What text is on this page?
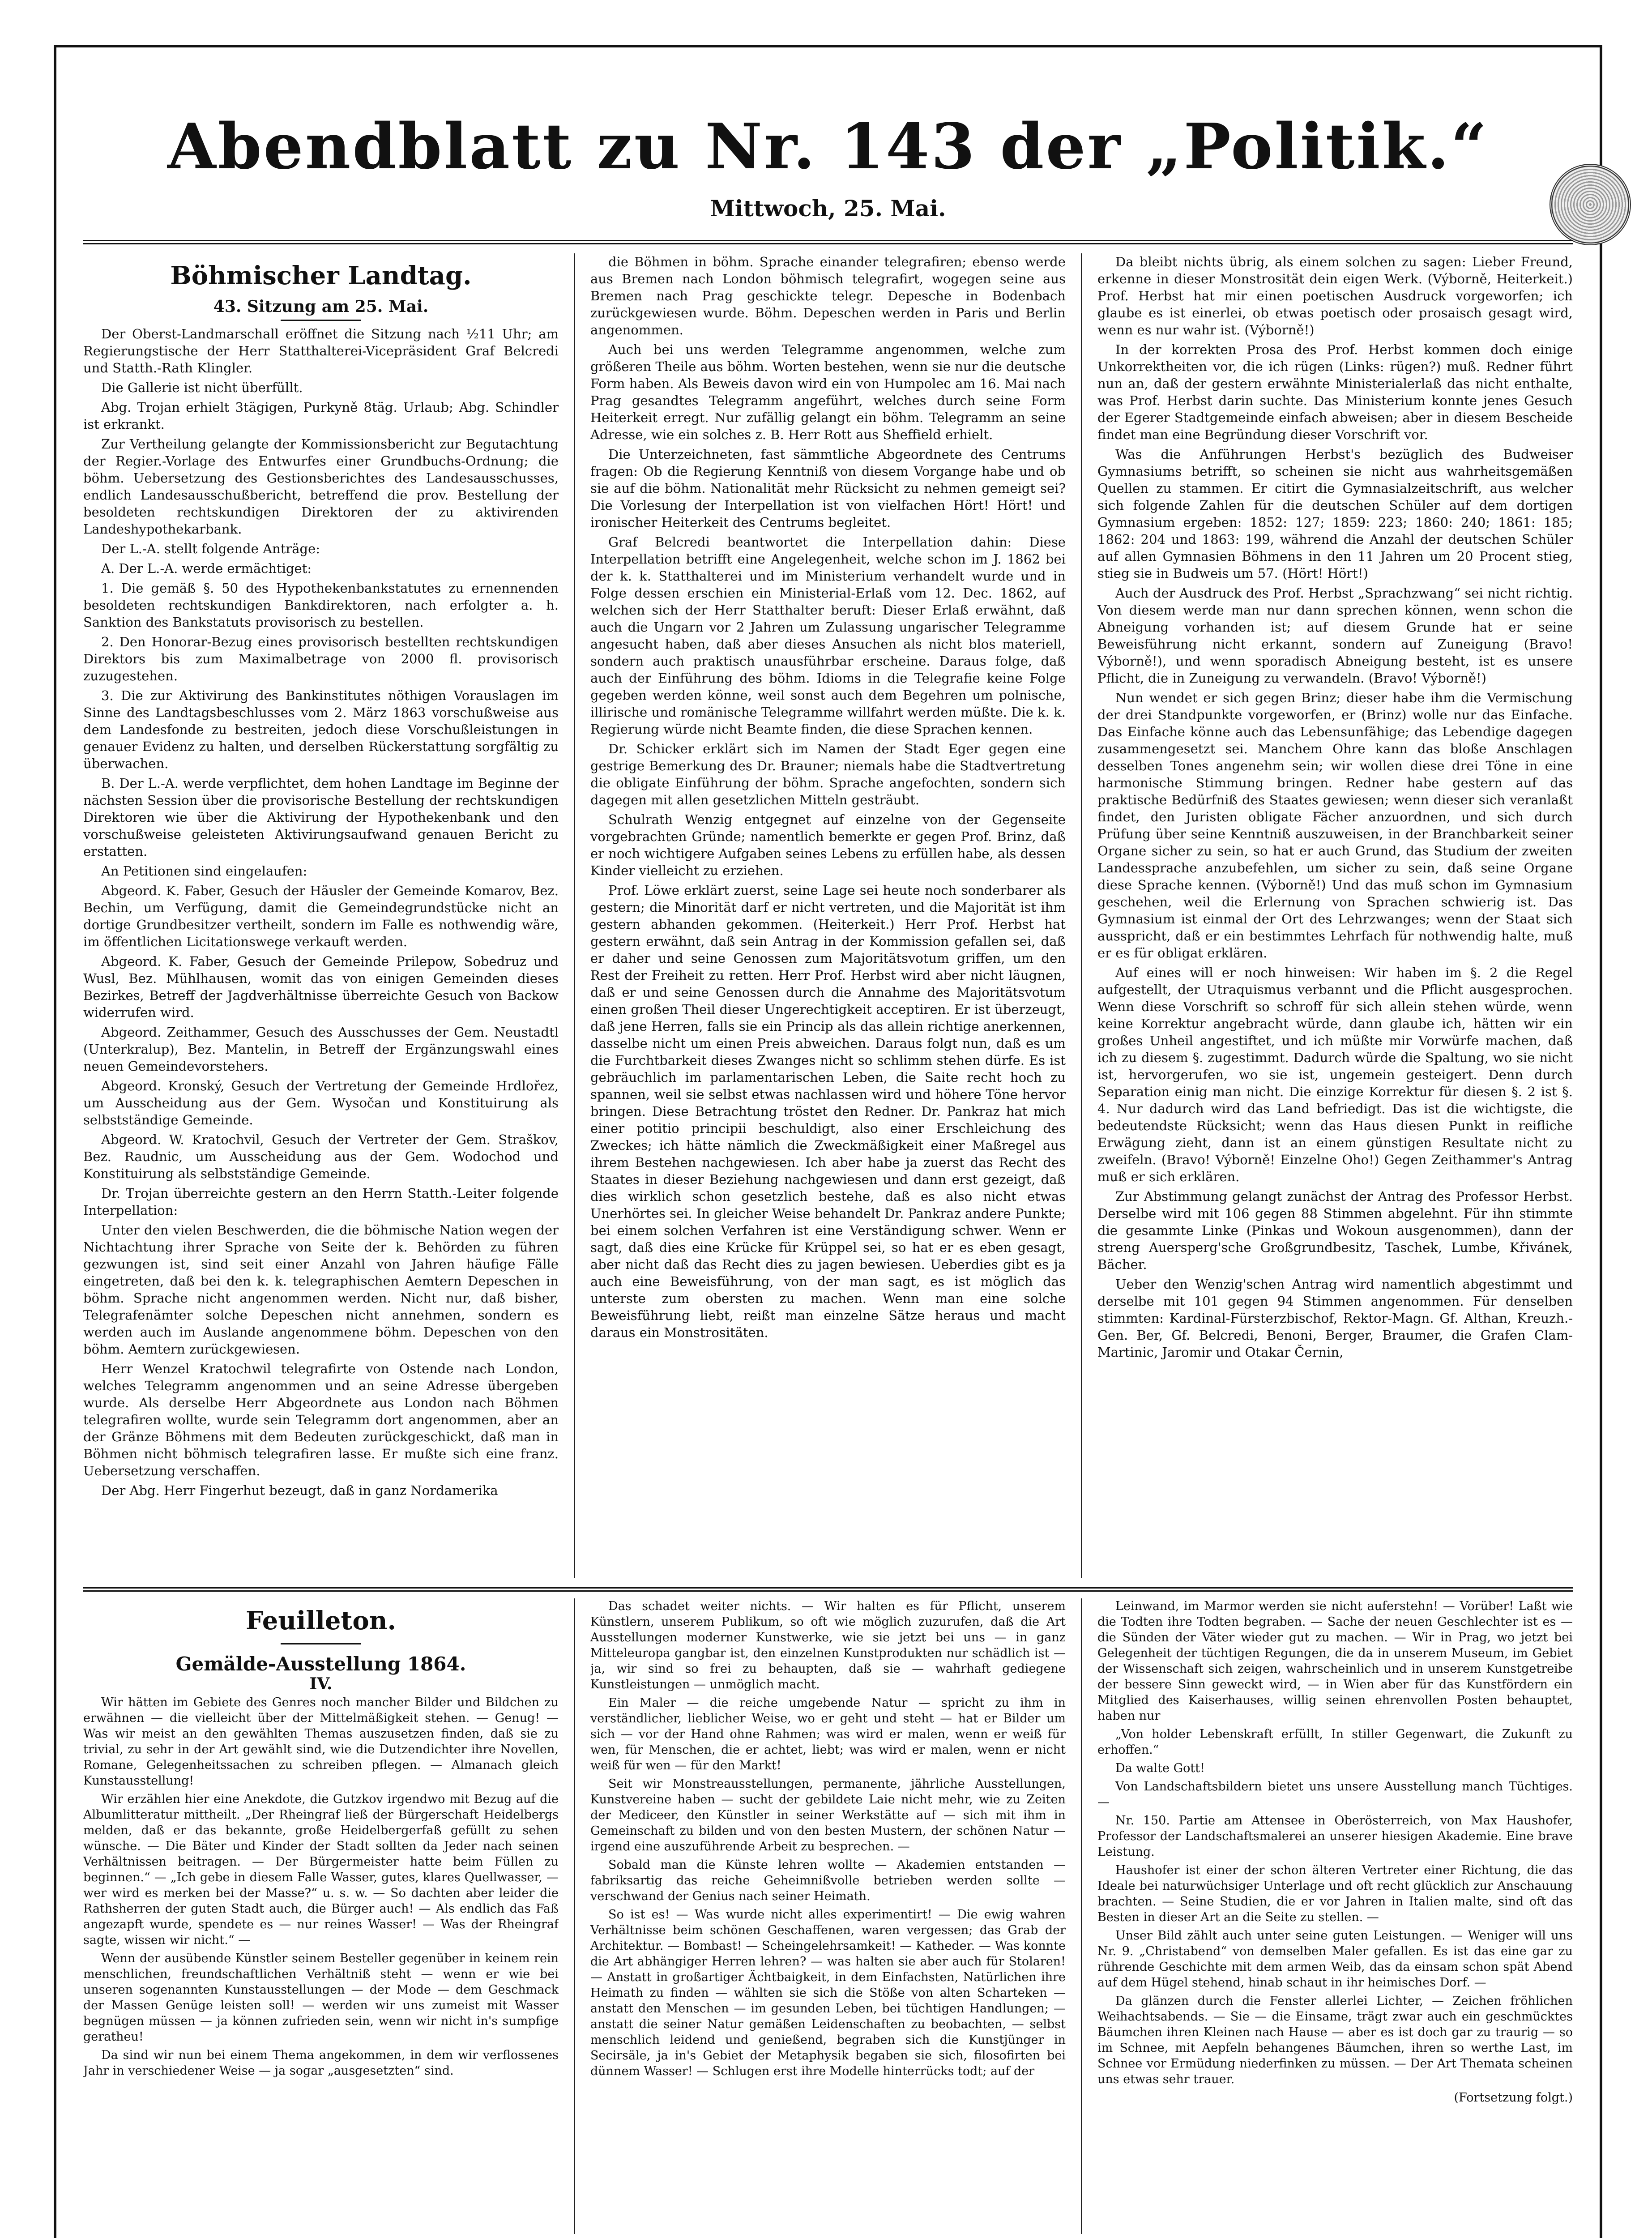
Abendblatt zu Nr. 143 der „Politik.“
Mittwoch, 25. Mai.
Böhmischer Landtag.
43. Sitzung am 25. Mai.

Der Oberst-Landmarschall eröffnet die Sitzung nach ½11 Uhr; am Regierungstische der Herr Statthalterei-Vicepräsident Graf Belcredi und Statth.-Rath Klingler.

Die Gallerie ist nicht überfüllt.

Abg. Trojan erhielt 3tägigen, Purkyně 8täg. Urlaub; Abg. Schindler ist erkrankt.

Zur Vertheilung gelangte der Kommissionsbericht zur Begutachtung der Regier.-Vorlage des Entwurfes einer Grundbuchs-Ordnung; die böhm. Uebersetzung des Gestionsberichtes des Landesausschusses, endlich Landesausschußbericht, betreffend die prov. Bestellung der besoldeten rechtskundigen Direktoren der zu aktivirenden Landeshypothekarbank.

Der L.-A. stellt folgende Anträge:

A. Der L.-A. werde ermächtiget:

1. Die gemäß §. 50 des Hypothekenbankstatutes zu ernennenden besoldeten rechtskundigen Bankdirektoren, nach erfolgter a. h. Sanktion des Bankstatuts provisorisch zu bestellen.

2. Den Honorar-Bezug eines provisorisch bestellten rechtskundigen Direktors bis zum Maximalbetrage von 2000 fl. provisorisch zuzugestehen.

3. Die zur Aktivirung des Bankinstitutes nöthigen Vorauslagen im Sinne des Landtagsbeschlusses vom 2. März 1863 vorschußweise aus dem Landesfonde zu bestreiten, jedoch diese Vorschußleistungen in genauer Evidenz zu halten, und derselben Rückerstattung sorgfältig zu überwachen.

B. Der L.-A. werde verpflichtet, dem hohen Landtage im Beginne der nächsten Session über die provisorische Bestellung der rechtskundigen Direktoren wie über die Aktivirung der Hypothekenbank und den vorschußweise geleisteten Aktivirungsaufwand genauen Bericht zu erstatten.

An Petitionen sind eingelaufen:

Abgeord. K. Faber, Gesuch der Häusler der Gemeinde Komarov, Bez. Bechin, um Verfügung, damit die Gemeindegrundstücke nicht an dortige Grundbesitzer vertheilt, sondern im Falle es nothwendig wäre, im öffentlichen Licitationswege verkauft werden.

Abgeord. K. Faber, Gesuch der Gemeinde Prilepow, Sobedruz und Wusl, Bez. Mühlhausen, womit das von einigen Gemeinden dieses Bezirkes, Betreff der Jagdverhältnisse überreichte Gesuch von Backow widerrufen wird.

Abgeord. Zeithammer, Gesuch des Ausschusses der Gem. Neustadtl (Unterkralup), Bez. Mantelin, in Betreff der Ergänzungswahl eines neuen Gemeindevorstehers.

Abgeord. Kronský, Gesuch der Vertretung der Gemeinde Hrdlořez, um Ausscheidung aus der Gem. Wysočan und Konstituirung als selbstständige Gemeinde.

Abgeord. W. Kratochvil, Gesuch der Vertreter der Gem. Straškov, Bez. Raudnic, um Ausscheidung aus der Gem. Wodochod und Konstituirung als selbstständige Gemeinde.

Dr. Trojan überreichte gestern an den Herrn Statth.-Leiter folgende Interpellation:

Unter den vielen Beschwerden, die die böhmische Nation wegen der Nichtachtung ihrer Sprache von Seite der k. Behörden zu führen gezwungen ist, sind seit einer Anzahl von Jahren häufige Fälle eingetreten, daß bei den k. k. telegraphischen Aemtern Depeschen in böhm. Sprache nicht angenommen werden. Nicht nur, daß bisher, Telegrafenämter solche Depeschen nicht annehmen, sondern es werden auch im Auslande angenommene böhm. Depeschen von den böhm. Aemtern zurückgewiesen.

Herr Wenzel Kratochwil telegrafirte von Ostende nach London, welches Telegramm angenommen und an seine Adresse übergeben wurde. Als derselbe Herr Abgeordnete aus London nach Böhmen telegrafiren wollte, wurde sein Telegramm dort angenommen, aber an der Gränze Böhmens mit dem Bedeuten zurückgeschickt, daß man in Böhmen nicht böhmisch telegrafiren lasse. Er mußte sich eine franz. Uebersetzung verschaffen.

Der Abg. Herr Fingerhut bezeugt, daß in ganz Nordamerika

die Böhmen in böhm. Sprache einander telegrafiren; ebenso werde aus Bremen nach London böhmisch telegrafirt, wogegen seine aus Bremen nach Prag geschickte telegr. Depesche in Bodenbach zurückgewiesen wurde. Böhm. Depeschen werden in Paris und Berlin angenommen.

Auch bei uns werden Telegramme angenommen, welche zum größeren Theile aus böhm. Worten bestehen, wenn sie nur die deutsche Form haben. Als Beweis davon wird ein von Humpolec am 16. Mai nach Prag gesandtes Telegramm angeführt, welches durch seine Form Heiterkeit erregt. Nur zufällig gelangt ein böhm. Telegramm an seine Adresse, wie ein solches z. B. Herr Rott aus Sheffield erhielt.

Die Unterzeichneten, fast sämmtliche Abgeordnete des Centrums fragen: Ob die Regierung Kenntniß von diesem Vorgange habe und ob sie auf die böhm. Nationalität mehr Rücksicht zu nehmen gemeigt sei? Die Vorlesung der Interpellation ist von vielfachen Hört! Hört! und ironischer Heiterkeit des Centrums begleitet.

Graf Belcredi beantwortet die Interpellation dahin: Diese Interpellation betrifft eine Angelegenheit, welche schon im J. 1862 bei der k. k. Statthalterei und im Ministerium verhandelt wurde und in Folge dessen erschien ein Ministerial-Erlaß vom 12. Dec. 1862, auf welchen sich der Herr Statthalter beruft: Dieser Erlaß erwähnt, daß auch die Ungarn vor 2 Jahren um Zulassung ungarischer Telegramme angesucht haben, daß aber dieses Ansuchen als nicht blos materiell, sondern auch praktisch unausführbar erscheine. Daraus folge, daß auch der Einführung des böhm. Idioms in die Telegrafie keine Folge gegeben werden könne, weil sonst auch dem Begehren um polnische, illirische und romänische Telegramme willfahrt werden müßte. Die k. k. Regierung würde nicht Beamte finden, die diese Sprachen kennen.

Dr. Schicker erklärt sich im Namen der Stadt Eger gegen eine gestrige Bemerkung des Dr. Brauner; niemals habe die Stadtvertretung die obligate Einführung der böhm. Sprache angefochten, sondern sich dagegen mit allen gesetzlichen Mitteln gesträubt.

Schulrath Wenzig entgegnet auf einzelne von der Gegenseite vorgebrachten Gründe; namentlich bemerkte er gegen Prof. Brinz, daß er noch wichtigere Aufgaben seines Lebens zu erfüllen habe, als dessen Kinder vielleicht zu erziehen.

Prof. Löwe erklärt zuerst, seine Lage sei heute noch sonderbarer als gestern; die Minorität darf er nicht vertreten, und die Majorität ist ihm gestern abhanden gekommen. (Heiterkeit.) Herr Prof. Herbst hat gestern erwähnt, daß sein Antrag in der Kommission gefallen sei, daß er daher und seine Genossen zum Majoritätsvotum griffen, um den Rest der Freiheit zu retten. Herr Prof. Herbst wird aber nicht läugnen, daß er und seine Genossen durch die Annahme des Majoritätsvotum einen großen Theil dieser Ungerechtigkeit acceptiren. Er ist überzeugt, daß jene Herren, falls sie ein Princip als das allein richtige anerkennen, dasselbe nicht um einen Preis abweichen. Daraus folgt nun, daß es um die Furchtbarkeit dieses Zwanges nicht so schlimm stehen dürfe. Es ist gebräuchlich im parlamentarischen Leben, die Saite recht hoch zu spannen, weil sie selbst etwas nachlassen wird und höhere Töne hervor bringen. Diese Betrachtung tröstet den Redner. Dr. Pankraz hat mich einer potitio principii beschuldigt, also einer Erschleichung des Zweckes; ich hätte nämlich die Zweckmäßigkeit einer Maßregel aus ihrem Bestehen nachgewiesen. Ich aber habe ja zuerst das Recht des Staates in dieser Beziehung nachgewiesen und dann erst gezeigt, daß dies wirklich schon gesetzlich bestehe, daß es also nicht etwas Unerhörtes sei. In gleicher Weise behandelt Dr. Pankraz andere Punkte; bei einem solchen Verfahren ist eine Verständigung schwer. Wenn er sagt, daß dies eine Krücke für Krüppel sei, so hat er es eben gesagt, aber nicht daß das Recht dies zu jagen bewiesen. Ueberdies gibt es ja auch eine Beweisführung, von der man sagt, es ist möglich das unterste zum obersten zu machen. Wenn man eine solche Beweisführung liebt, reißt man einzelne Sätze heraus und macht daraus ein Monstrositäten.

Da bleibt nichts übrig, als einem solchen zu sagen: Lieber Freund, erkenne in dieser Monstrosität dein eigen Werk. (Výborně, Heiterkeit.) Prof. Herbst hat mir einen poetischen Ausdruck vorgeworfen; ich glaube es ist einerlei, ob etwas poetisch oder prosaisch gesagt wird, wenn es nur wahr ist. (Výborně!)

In der korrekten Prosa des Prof. Herbst kommen doch einige Unkorrektheiten vor, die ich rügen (Links: rügen?) muß. Redner führt nun an, daß der gestern erwähnte Ministerialerlaß das nicht enthalte, was Prof. Herbst darin suchte. Das Ministerium konnte jenes Gesuch der Egerer Stadtgemeinde einfach abweisen; aber in diesem Bescheide findet man eine Begründung dieser Vorschrift vor.

Was die Anführungen Herbst's bezüglich des Budweiser Gymnasiums betrifft, so scheinen sie nicht aus wahrheitsgemäßen Quellen zu stammen. Er citirt die Gymnasialzeitschrift, aus welcher sich folgende Zahlen für die deutschen Schüler auf dem dortigen Gymnasium ergeben: 1852: 127; 1859: 223; 1860: 240; 1861: 185; 1862: 204 und 1863: 199, während die Anzahl der deutschen Schüler auf allen Gymnasien Böhmens in den 11 Jahren um 20 Procent stieg, stieg sie in Budweis um 57. (Hört! Hört!)

Auch der Ausdruck des Prof. Herbst „Sprachzwang“ sei nicht richtig. Von diesem werde man nur dann sprechen können, wenn schon die Abneigung vorhanden ist; auf diesem Grunde hat er seine Beweisführung nicht erkannt, sondern auf Zuneigung (Bravo! Výborně!), und wenn sporadisch Abneigung besteht, ist es unsere Pflicht, die in Zuneigung zu verwandeln. (Bravo! Výborně!)

Nun wendet er sich gegen Brinz; dieser habe ihm die Vermischung der drei Standpunkte vorgeworfen, er (Brinz) wolle nur das Einfache. Das Einfache könne auch das Lebensunfähige; das Lebendige dagegen zusammengesetzt sei. Manchem Ohre kann das bloße Anschlagen desselben Tones angenehm sein; wir wollen diese drei Töne in eine harmonische Stimmung bringen. Redner habe gestern auf das praktische Bedürfniß des Staates gewiesen; wenn dieser sich veranlaßt findet, den Juristen obligate Fächer anzuordnen, und sich durch Prüfung über seine Kenntniß auszuweisen, in der Branchbarkeit seiner Organe sicher zu sein, so hat er auch Grund, das Studium der zweiten Landessprache anzubefehlen, um sicher zu sein, daß seine Organe diese Sprache kennen. (Výborně!) Und das muß schon im Gymnasium geschehen, weil die Erlernung von Sprachen schwierig ist. Das Gymnasium ist einmal der Ort des Lehrzwanges; wenn der Staat sich ausspricht, daß er ein bestimmtes Lehrfach für nothwendig halte, muß er es für obligat erklären.

Auf eines will er noch hinweisen: Wir haben im §. 2 die Regel aufgestellt, der Utraquismus verbannt und die Pflicht ausgesprochen. Wenn diese Vorschrift so schroff für sich allein stehen würde, wenn keine Korrektur angebracht würde, dann glaube ich, hätten wir ein großes Unheil angestiftet, und ich müßte mir Vorwürfe machen, daß ich zu diesem §. zugestimmt. Dadurch würde die Spaltung, wo sie nicht ist, hervorgerufen, wo sie ist, ungemein gesteigert. Denn durch Separation einig man nicht. Die einzige Korrektur für diesen §. 2 ist §. 4. Nur dadurch wird das Land befriedigt. Das ist die wichtigste, die bedeutendste Rücksicht; wenn das Haus diesen Punkt in reifliche Erwägung zieht, dann ist an einem günstigen Resultate nicht zu zweifeln. (Bravo! Výborně! Einzelne Oho!) Gegen Zeithammer's Antrag muß er sich erklären.

Zur Abstimmung gelangt zunächst der Antrag des Professor Herbst. Derselbe wird mit 106 gegen 88 Stimmen abgelehnt. Für ihn stimmte die gesammte Linke (Pinkas und Wokoun ausgenommen), dann der streng Auersperg'sche Großgrundbesitz, Taschek, Lumbe, Křivánek, Bächer.

Ueber den Wenzig'schen Antrag wird namentlich abgestimmt und derselbe mit 101 gegen 94 Stimmen angenommen. Für denselben stimmten: Kardinal-Fürsterzbischof, Rektor-Magn. Gf. Althan, Kreuzh.-Gen. Ber, Gf. Belcredi, Benoni, Berger, Braumer, die Grafen Clam-Martinic, Jaromir und Otakar Černin,

Feuilleton.
Gemälde-Ausstellung 1864.
IV.

Wir hätten im Gebiete des Genres noch mancher Bilder und Bildchen zu erwähnen — die vielleicht über der Mittelmäßigkeit stehen. — Genug! — Was wir meist an den gewählten Themas auszusetzen finden, daß sie zu trivial, zu sehr in der Art gewählt sind, wie die Dutzendichter ihre Novellen, Romane, Gelegenheitssachen zu schreiben pflegen. — Almanach gleich Kunstausstellung!

Wir erzählen hier eine Anekdote, die Gutzkov irgendwo mit Bezug auf die Albumlitteratur mittheilt. „Der Rheingraf ließ der Bürgerschaft Heidelbergs melden, daß er das bekannte, große Heidelbergerfaß gefüllt zu sehen wünsche. — Die Bäter und Kinder der Stadt sollten da Jeder nach seinen Verhältnissen beitragen. — Der Bürgermeister hatte beim Füllen zu beginnen.“ — „Ich gebe in diesem Falle Wasser, gutes, klares Quellwasser, — wer wird es merken bei der Masse?“ u. s. w. — So dachten aber leider die Rathsherren der guten Stadt auch, die Bürger auch! — Als endlich das Faß angezapft wurde, spendete es — nur reines Wasser! — Was der Rheingraf sagte, wissen wir nicht.“ —

Wenn der ausübende Künstler seinem Besteller gegenüber in keinem rein menschlichen, freundschaftlichen Verhältniß steht — wenn er wie bei unseren sogenannten Kunstausstellungen — der Mode — dem Geschmack der Massen Genüge leisten soll! — werden wir uns zumeist mit Wasser begnügen müssen — ja können zufrieden sein, wenn wir nicht in's sumpfige geratheu!

Da sind wir nun bei einem Thema angekommen, in dem wir verflossenes Jahr in verschiedener Weise — ja sogar „ausgesetzten“ sind.

Das schadet weiter nichts. — Wir halten es für Pflicht, unserem Künstlern, unserem Publikum, so oft wie möglich zuzurufen, daß die Art Ausstellungen moderner Kunstwerke, wie sie jetzt bei uns — in ganz Mitteleuropa gangbar ist, den einzelnen Kunstprodukten nur schädlich ist — ja, wir sind so frei zu behaupten, daß sie — wahrhaft gediegene Kunstleistungen — unmöglich macht.

Ein Maler — die reiche umgebende Natur — spricht zu ihm in verständlicher, lieblicher Weise, wo er geht und steht — hat er Bilder um sich — vor der Hand ohne Rahmen; was wird er malen, wenn er weiß für wen, für Menschen, die er achtet, liebt; was wird er malen, wenn er nicht weiß für wen — für den Markt!

Seit wir Monstreausstellungen, permanente, jährliche Ausstellungen, Kunstvereine haben — sucht der gebildete Laie nicht mehr, wie zu Zeiten der Mediceer, den Künstler in seiner Werkstätte auf — sich mit ihm in Gemeinschaft zu bilden und von den besten Mustern, der schönen Natur — irgend eine auszuführende Arbeit zu besprechen. —

Sobald man die Künste lehren wollte — Akademien entstanden — fabriksartig das reiche Geheimnißvolle betrieben werden sollte — verschwand der Genius nach seiner Heimath.

So ist es! — Was wurde nicht alles experimentirt! — Die ewig wahren Verhältnisse beim schönen Geschaffenen, waren vergessen; das Grab der Architektur. — Bombast! — Scheingelehrsamkeit! — Katheder. — Was konnte die Art abhängiger Herren lehren? — was halten sie aber auch für Stolaren! — Anstatt in großartiger Ächtbaigkeit, in dem Einfachsten, Natürlichen ihre Heimath zu finden — wählten sie sich die Stöße von alten Scharteken — anstatt den Menschen — im gesunden Leben, bei tüchtigen Handlungen; — anstatt die seiner Natur gemäßen Leidenschaften zu beobachten, — selbst menschlich leidend und genießend, begraben sich die Kunstjünger in Secirsäle, ja in's Gebiet der Metaphysik begaben sie sich, filosofirten bei dünnem Wasser! — Schlugen erst ihre Modelle hinterrücks todt; auf der

Leinwand, im Marmor werden sie nicht auferstehn! — Vorüber! Laßt wie die Todten ihre Todten begraben. — Sache der neuen Geschlechter ist es — die Sünden der Väter wieder gut zu machen. — Wir in Prag, wo jetzt bei Gelegenheit der tüchtigen Regungen, die da in unserem Museum, im Gebiet der Wissenschaft sich zeigen, wahrscheinlich und in unserem Kunstgetreibe der bessere Sinn geweckt wird, — in Wien aber für das Kunstfördern ein Mitglied des Kaiserhauses, willig seinen ehrenvollen Posten behauptet, haben nur

„Von holder Lebenskraft erfüllt, In stiller Gegenwart, die Zukunft zu erhoffen.“

Da walte Gott!

Von Landschaftsbildern bietet uns unsere Ausstellung manch Tüchtiges. —

Nr. 150. Partie am Attensee in Oberösterreich, von Max Haushofer, Professor der Landschaftsmalerei an unserer hiesigen Akademie. Eine brave Leistung.

Haushofer ist einer der schon älteren Vertreter einer Richtung, die das Ideale bei naturwüchsiger Unterlage und oft recht glücklich zur Anschauung brachten. — Seine Studien, die er vor Jahren in Italien malte, sind oft das Besten in dieser Art an die Seite zu stellen. —

Unser Bild zählt auch unter seine guten Leistungen. — Weniger will uns Nr. 9. „Christabend“ von demselben Maler gefallen. Es ist das eine gar zu rührende Geschichte mit dem armen Weib, das da einsam schon spät Abend auf dem Hügel stehend, hinab schaut in ihr heimisches Dorf. —

Da glänzen durch die Fenster allerlei Lichter, — Zeichen fröhlichen Weihachtsabends. — Sie — die Einsame, trägt zwar auch ein geschmücktes Bäumchen ihren Kleinen nach Hause — aber es ist doch gar zu traurig — so im Schnee, mit Aepfeln behangenes Bäumchen, ihren so werthe Last, im Schnee vor Ermüdung niederfinken zu müssen. — Der Art Themata scheinen uns etwas sehr trauer.

(Fortsetzung folgt.)
